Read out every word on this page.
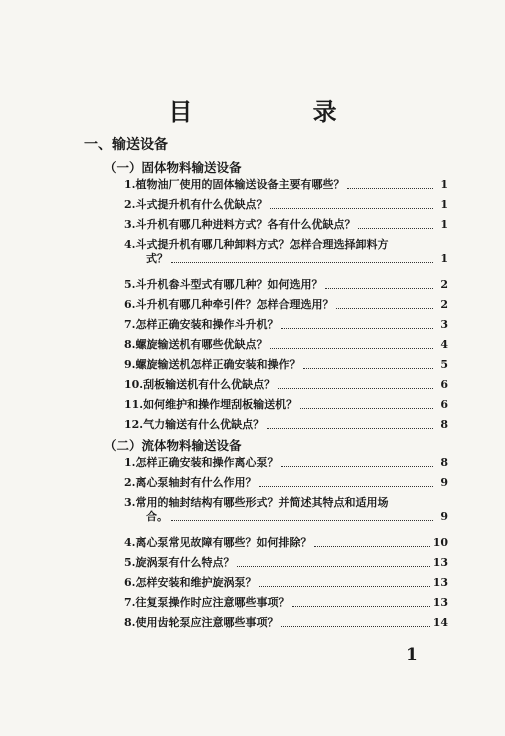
目 录
一、输送设备
（一）固体物料输送设备
1.植物油厂使用的固体输送设备主要有哪些？	1
2.斗式提升机有什么优缺点？	1
3.斗升机有哪几种进料方式？各有什么优缺点？	1
4.斗式提升机有哪几种卸料方式？怎样合理选择卸料方
式？	1
5.斗升机畚斗型式有哪几种？如何选用？	2
6.斗升机有哪几种牵引件？怎样合理选用？	2
7.怎样正确安装和操作斗升机？	3
8.螺旋输送机有哪些优缺点？	4
9.螺旋输送机怎样正确安装和操作？	5
10.刮板输送机有什么优缺点？	6
11.如何维护和操作埋刮板输送机？	6
12.气力输送有什么优缺点？	8
（二）流体物料输送设备
1.怎样正确安装和操作离心泵？	8
2.离心泵轴封有什么作用？	9
3.常用的轴封结构有哪些形式？并简述其特点和适用场
合。	9
4.离心泵常见故障有哪些？如何排除？	10
5.旋涡泵有什么特点？	13
6.怎样安装和维护旋涡泵？	13
7.往复泵操作时应注意哪些事项？	13
8.使用齿轮泵应注意哪些事项？	14
1
